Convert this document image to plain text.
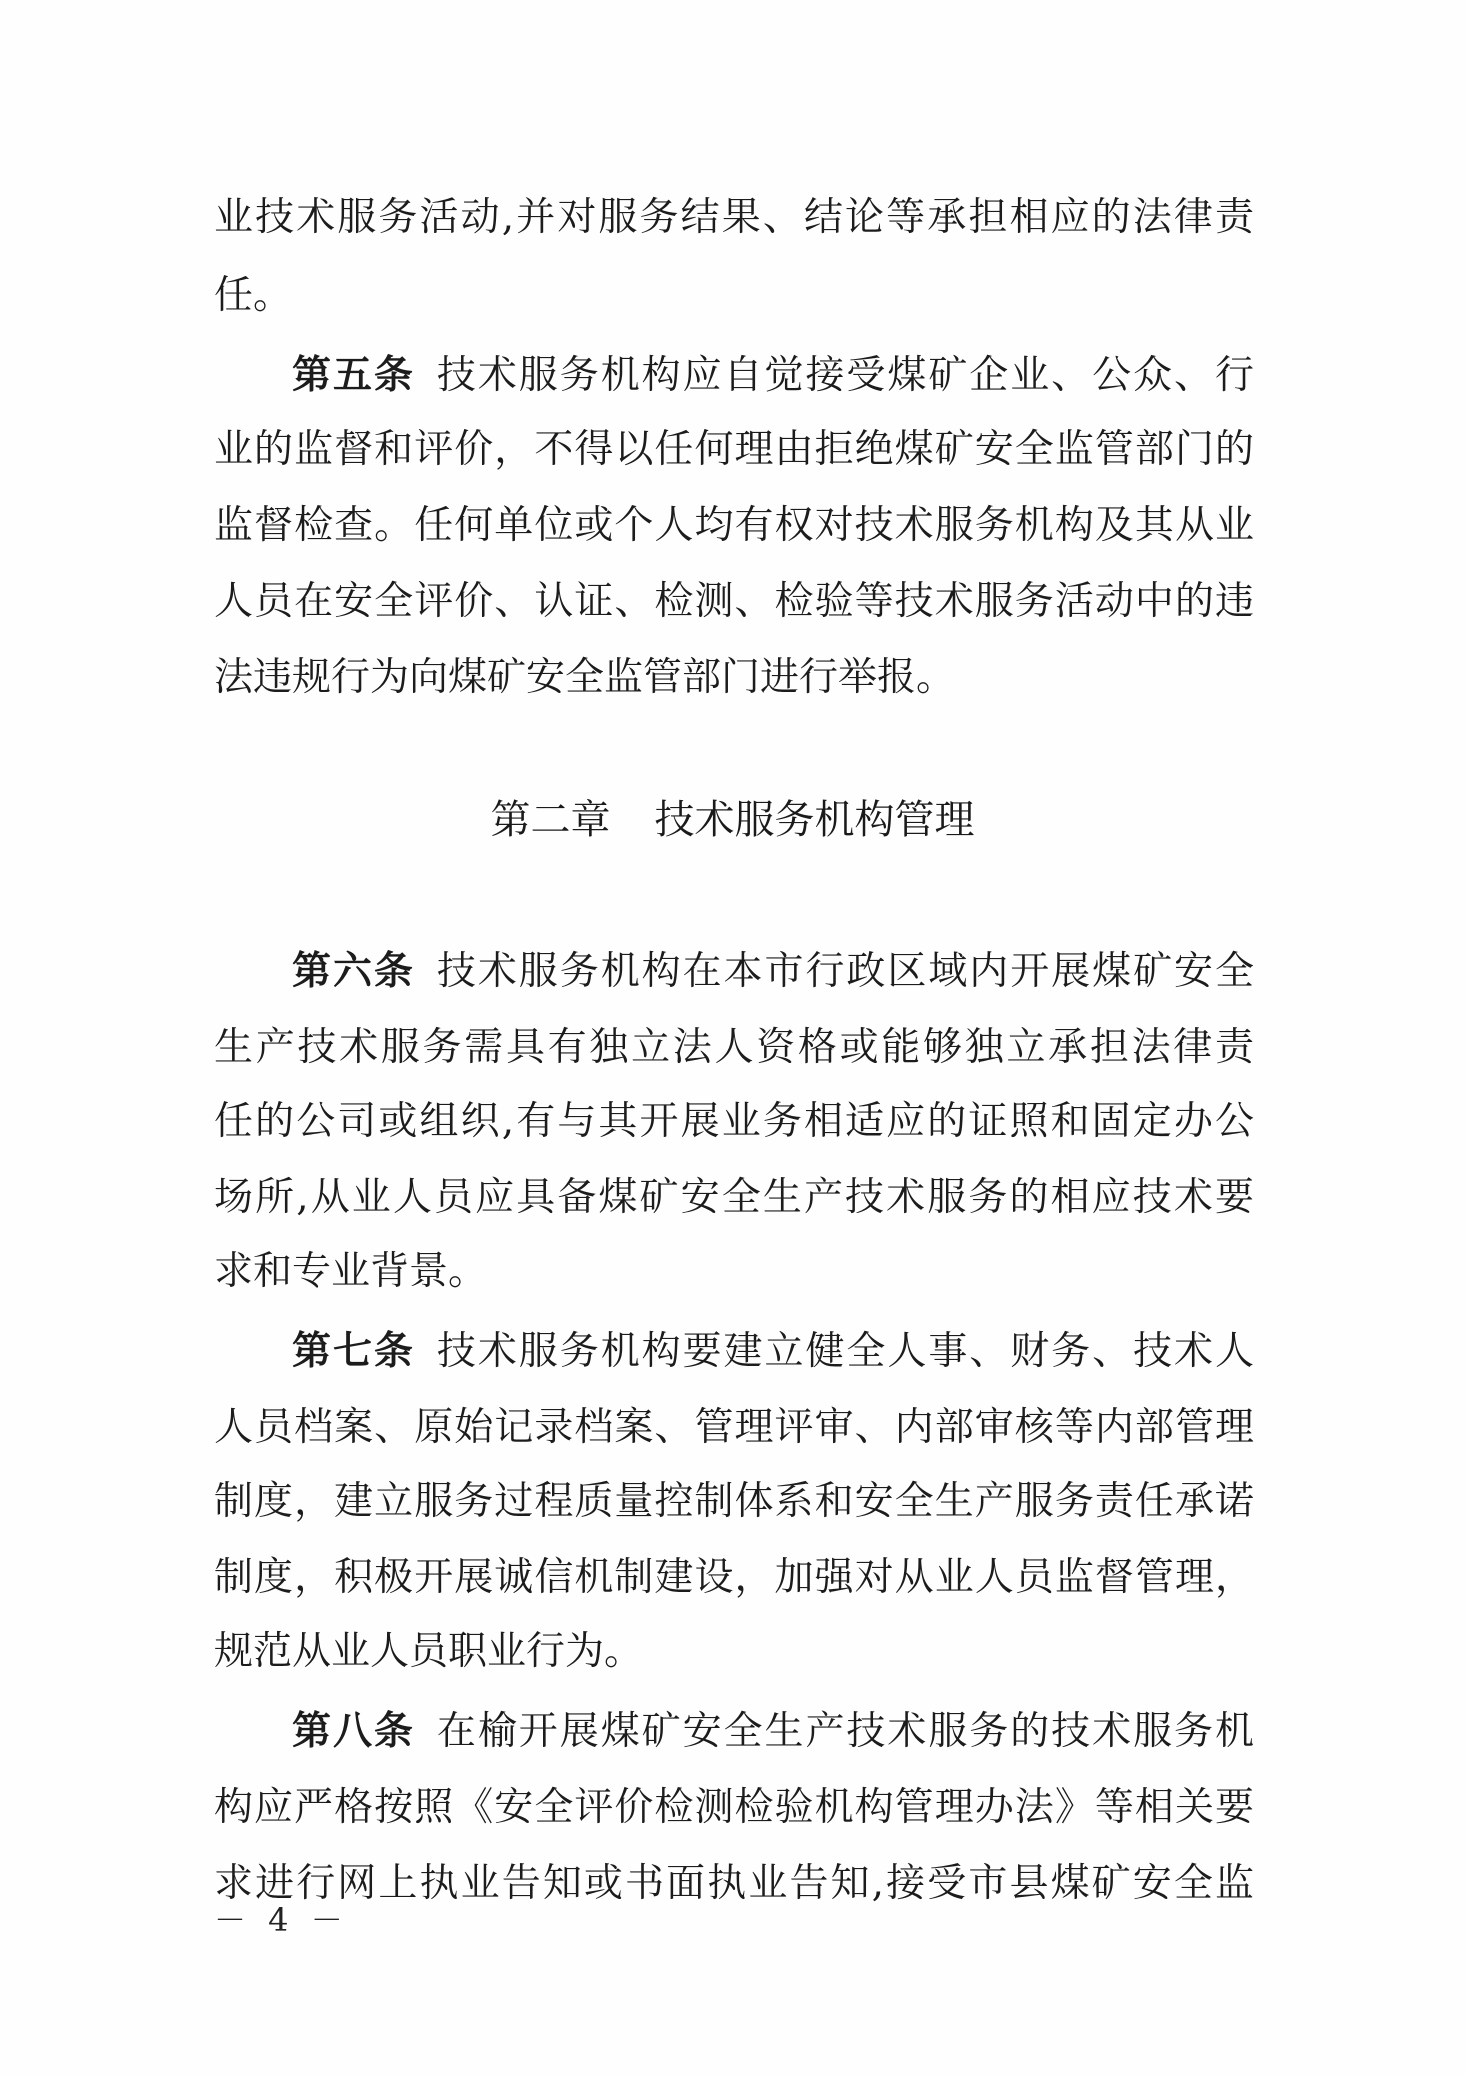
业技术服务活动,并对服务结果、结论等承担相应的法律责
任。
第五条 技术服务机构应自觉接受煤矿企业、公众、行
业的监督和评价，不得以任何理由拒绝煤矿安全监管部门的
监督检查。任何单位或个人均有权对技术服务机构及其从业
人员在安全评价、认证、检测、检验等技术服务活动中的违
法违规行为向煤矿安全监管部门进行举报。
第二章 技术服务机构管理
第六条 技术服务机构在本市行政区域内开展煤矿安全
生产技术服务需具有独立法人资格或能够独立承担法律责
任的公司或组织,有与其开展业务相适应的证照和固定办公
场所,从业人员应具备煤矿安全生产技术服务的相应技术要
求和专业背景。
第七条 技术服务机构要建立健全人事、财务、技术人
人员档案、原始记录档案、管理评审、内部审核等内部管理
制度，建立服务过程质量控制体系和安全生产服务责任承诺
制度，积极开展诚信机制建设，加强对从业人员监督管理，
规范从业人员职业行为。
第八条 在榆开展煤矿安全生产技术服务的技术服务机
构应严格按照《安全评价检测检验机构管理办法》等相关要
求进行网上执业告知或书面执业告知,接受市县煤矿安全监
－ 4 －
